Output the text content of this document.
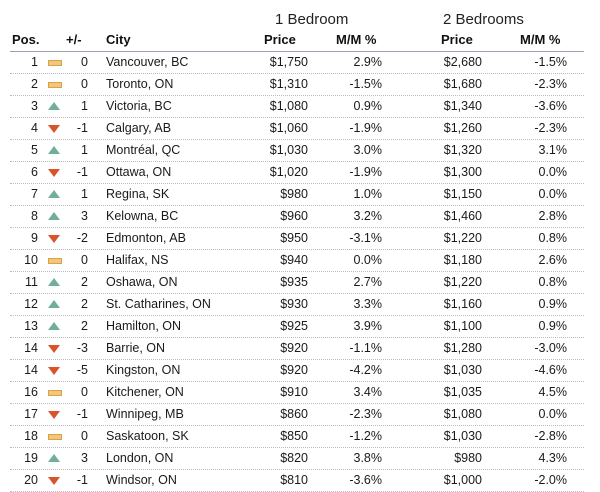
1 Bedroom	2 Bedrooms
Pos. +/- City	Price	M/M %	Price	M/M %
1	0 Vancouver, BC	$1,750	2.9%	$2,680	-1.5%
2	0 Toronto, ON	$1,310	-1.5%	$1,680	-2.3%
3	1 Victoria, BC	$1,080	0.9%	$1,340	-3.6%
4	-1 Calgary, AB	$1,060	-1.9%	$1,260	-2.3%
5	1 Montréal, QC	$1,030	3.0%	$1,320	3.1%
6	-1 Ottawa, ON	$1,020	-1.9%	$1,300	0.0%
7	1 Regina, SK	$980	1.0%	$1,150	0.0%
8	3 Kelowna, BC	$960	3.2%	$1,460	2.8%
9	-2 Edmonton, AB	$950	-3.1%	$1,220	0.8%
10	0 Halifax, NS	$940	0.0%	$1,180	2.6%
11	2 Oshawa, ON	$935	2.7%	$1,220	0.8%
12	2 St. Catharines, ON	$930	3.3%	$1,160	0.9%
13	2 Hamilton, ON	$925	3.9%	$1,100	0.9%
14	-3 Barrie, ON	$920	-1.1%	$1,280	-3.0%
14	-5 Kingston, ON	$920	-4.2%	$1,030	-4.6%
16	0 Kitchener, ON	$910	3.4%	$1,035	4.5%
17	-1 Winnipeg, MB	$860	-2.3%	$1,080	0.0%
18	0 Saskatoon, SK	$850	-1.2%	$1,030	-2.8%
19	3 London, ON	$820	3.8%	$980	4.3%
20	-1 Windsor, ON	$810	-3.6%	$1,000	-2.0%
